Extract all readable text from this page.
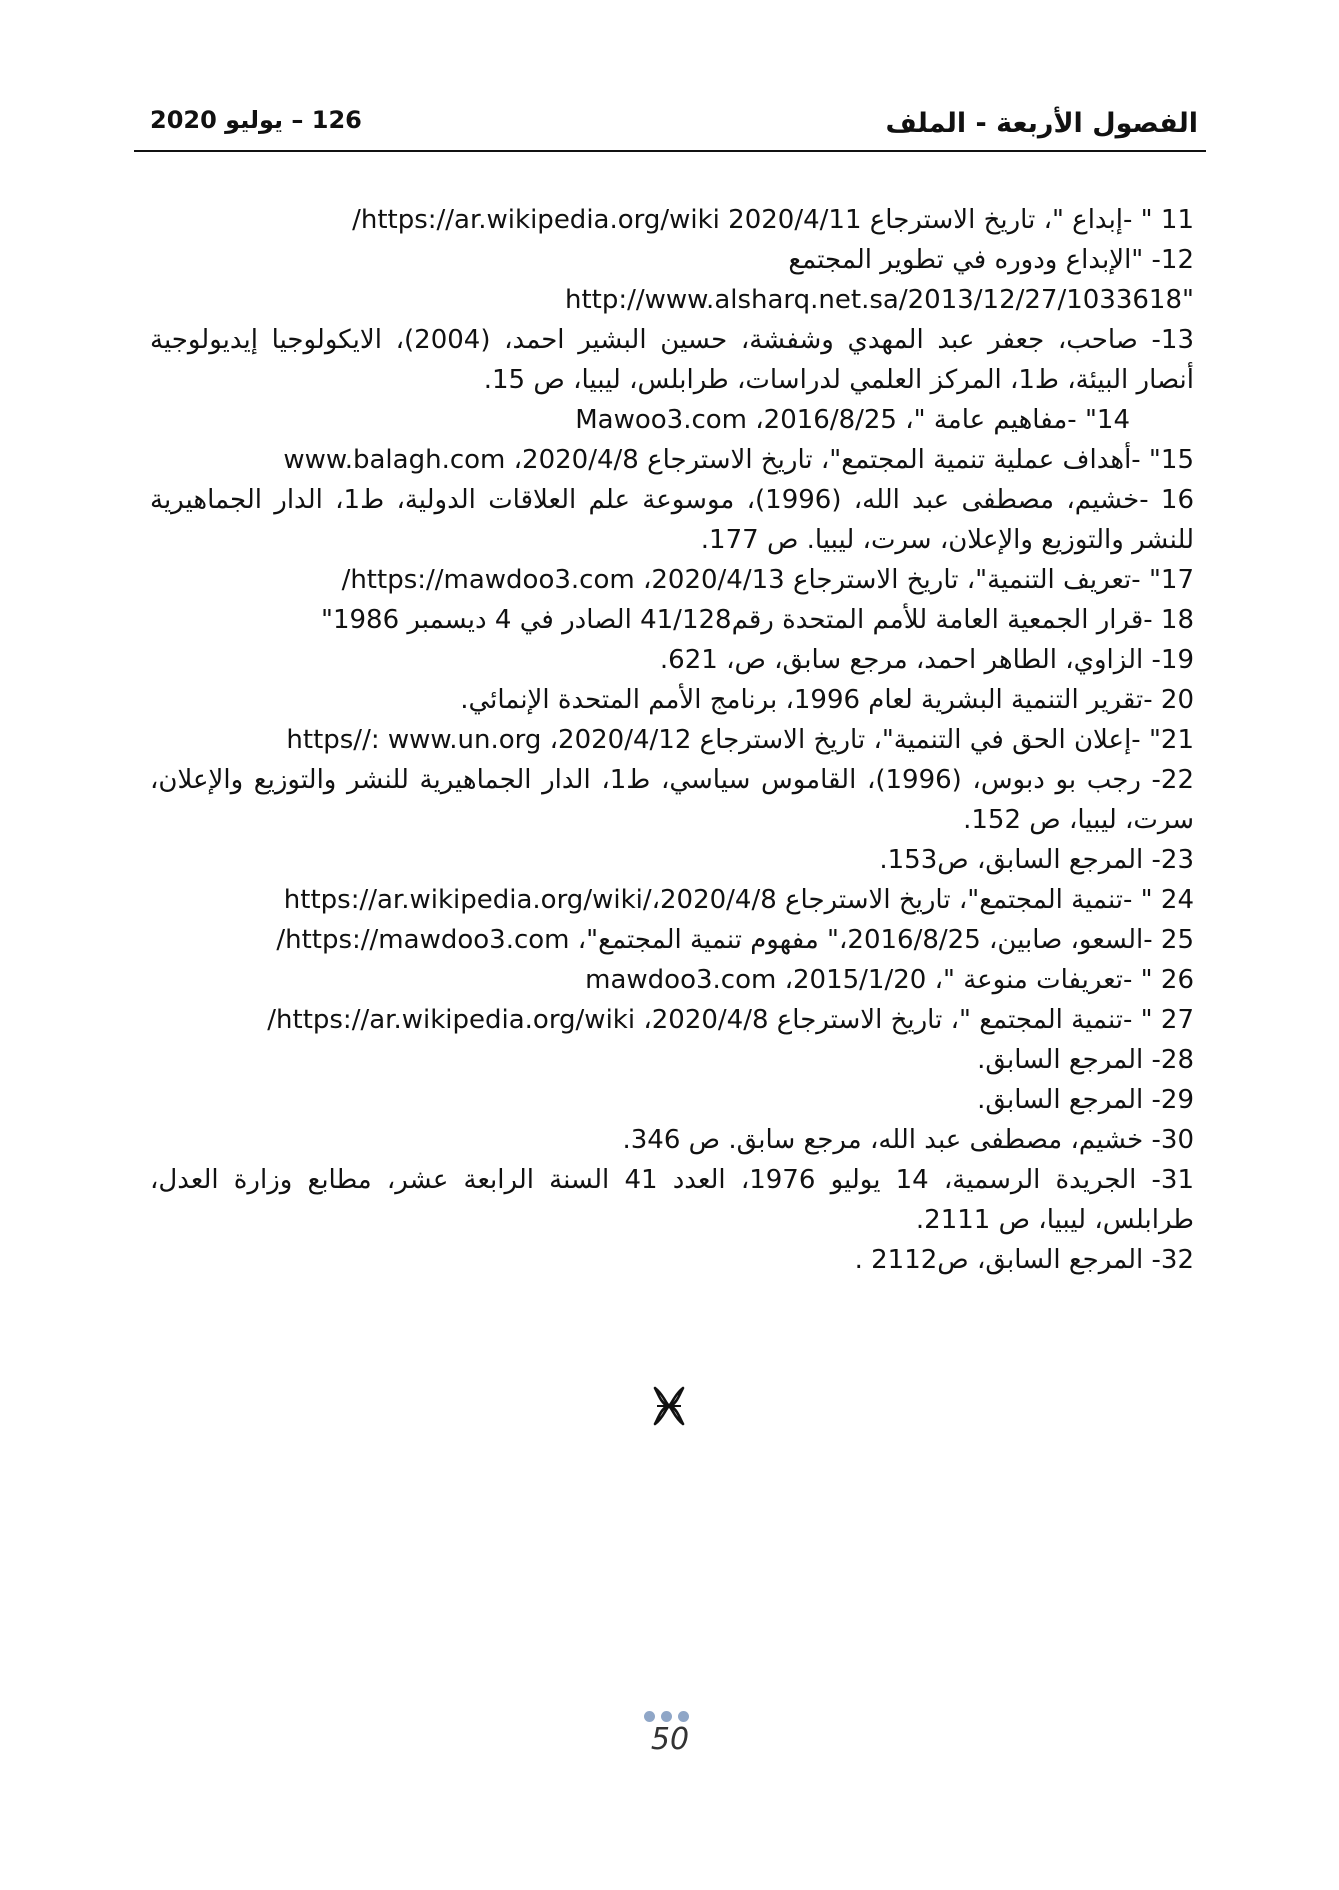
الفصول الأربعة - الملف
126 – يوليو 2020
11 " -إبداع "، تاريخ الاسترجاع 2020/4/11 https://ar.wikipedia.org/wiki/
12- "الإبداع ودوره في تطوير المجتمع
"http://www.alsharq.net.sa/2013/12/27/1033618
13- صاحب، جعفر عبد المهدي وشفشة، حسين البشير احمد، (2004)، الايكولوجيا إيديولوجية أنصار البيئة، ط1، المركز العلمي لدراسات، طرابلس، ليبيا، ص 15.
14" -مفاهيم عامة "، 2016/8/25، Mawoo3.com
15" -أهداف عملية تنمية المجتمع"، تاريخ الاسترجاع 2020/4/8، www.balagh.com
16 -خشيم، مصطفى عبد الله، (1996)، موسوعة علم العلاقات الدولية، ط1، الدار الجماهيرية للنشر والتوزيع والإعلان، سرت، ليبيا. ص 177.
17" -تعريف التنمية"، تاريخ الاسترجاع 2020/4/13، https://mawdoo3.com/
18 -قرار الجمعية العامة للأمم المتحدة رقم41/128 الصادر في 4 ديسمبر 1986"
19- الزاوي، الطاهر احمد، مرجع سابق، ص، 621.
20 -تقرير التنمية البشرية لعام 1996، برنامج الأمم المتحدة الإنمائي.
21" -إعلان الحق في التنمية"، تاريخ الاسترجاع 2020/4/12، https//: www.un.org
22- رجب بو دبوس، (1996)، القاموس سياسي، ط1، الدار الجماهيرية للنشر والتوزيع والإعلان، سرت، ليبيا، ص 152.
23- المرجع السابق، ص153.
24 " -تنمية المجتمع"، تاريخ الاسترجاع 2020/4/8،/https://ar.wikipedia.org/wiki
25 -السعو، صابين، 2016/8/25،" مفهوم تنمية المجتمع"، https://mawdoo3.com/
26 " -تعريفات منوعة "، 2015/1/20، mawdoo3.com
27 " -تنمية المجتمع "، تاريخ الاسترجاع 2020/4/8، https://ar.wikipedia.org/wiki/
28- المرجع السابق.
29- المرجع السابق.
30- خشيم، مصطفى عبد الله، مرجع سابق. ص 346.
31- الجريدة الرسمية، 14 يوليو 1976، العدد 41 السنة الرابعة عشر، مطابع وزارة العدل، طرابلس، ليبيا، ص 2111.
32- المرجع السابق، ص2112 .
50
